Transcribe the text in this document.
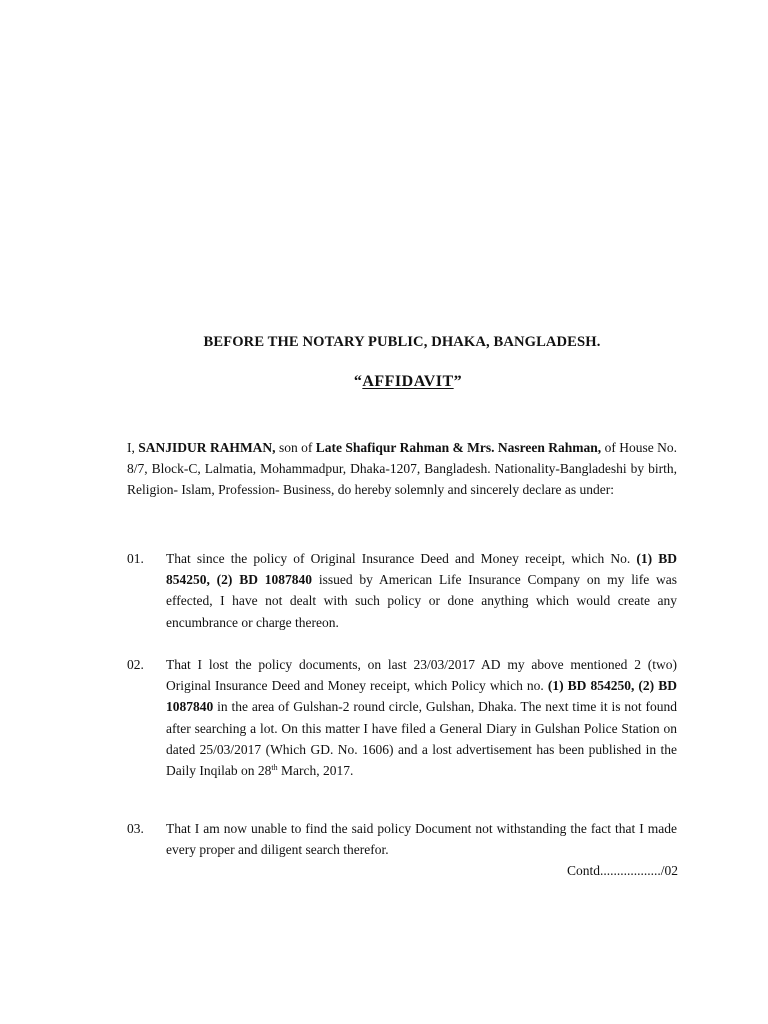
BEFORE THE NOTARY PUBLIC, DHAKA, BANGLADESH.
“AFFIDAVIT”
I, SANJIDUR RAHMAN, son of Late Shafiqur Rahman & Mrs. Nasreen Rahman, of House No. 8/7, Block-C, Lalmatia, Mohammadpur, Dhaka-1207, Bangladesh. Nationality-Bangladeshi by birth, Religion- Islam, Profession- Business, do hereby solemnly and sincerely declare as under:
01. That since the policy of Original Insurance Deed and Money receipt, which No. (1) BD 854250, (2) BD 1087840 issued by American Life Insurance Company on my life was effected, I have not dealt with such policy or done anything which would create any encumbrance or charge thereon.
02. That I lost the policy documents, on last 23/03/2017 AD my above mentioned 2 (two) Original Insurance Deed and Money receipt, which Policy which no. (1) BD 854250, (2) BD 1087840 in the area of Gulshan-2 round circle, Gulshan, Dhaka. The next time it is not found after searching a lot. On this matter I have filed a General Diary in Gulshan Police Station on dated 25/03/2017 (Which GD. No. 1606) and a lost advertisement has been published in the Daily Inqilab on 28th March, 2017.
03. That I am now unable to find the said policy Document not withstanding the fact that I made every proper and diligent search therefor.
Contd................../02
